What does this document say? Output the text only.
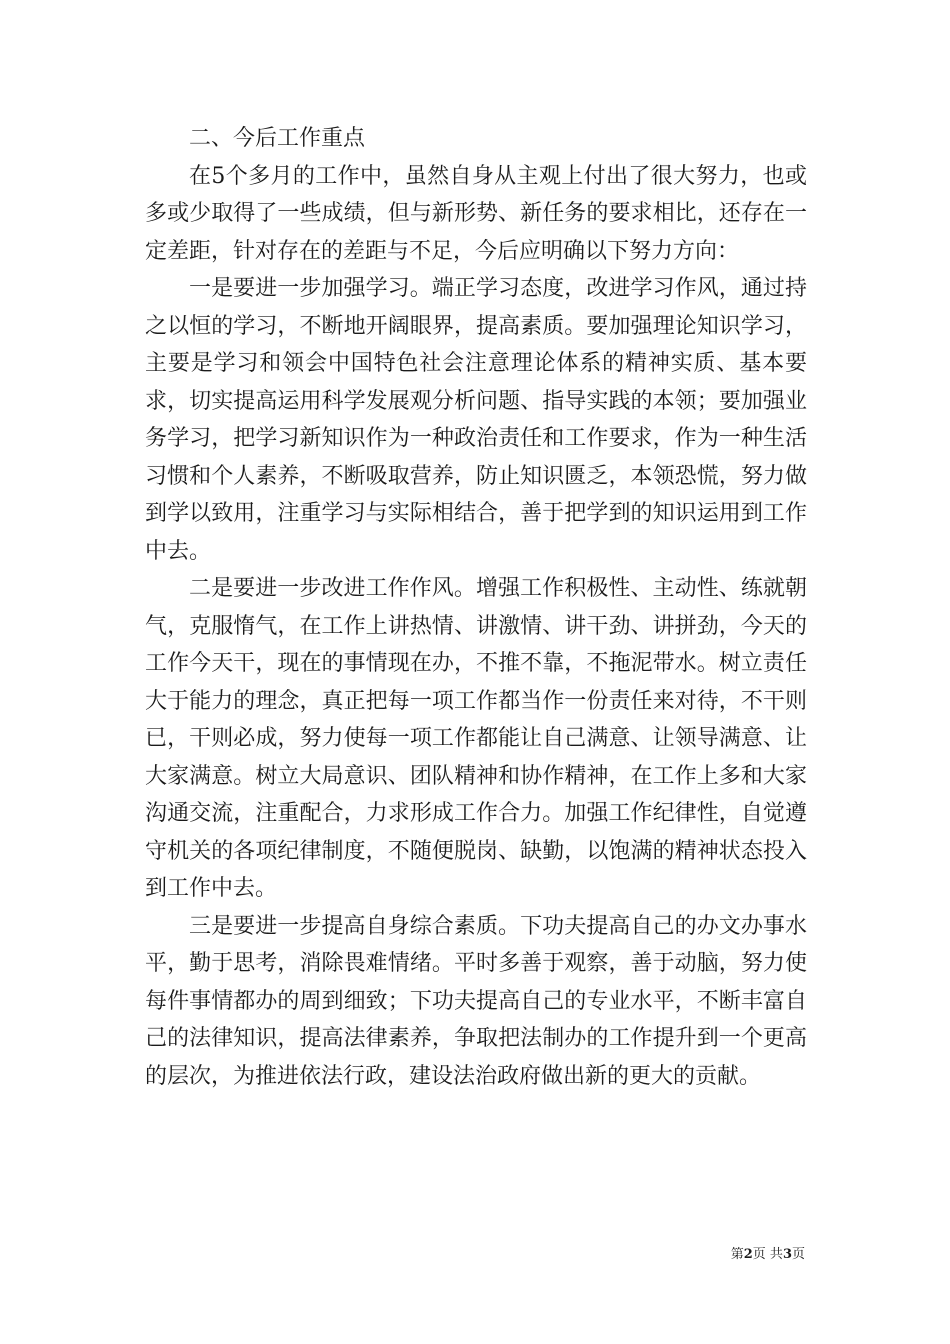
二、今后工作重点

在5个多月的工作中，虽然自身从主观上付出了很大努力，也或多或少取得了一些成绩，但与新形势、新任务的要求相比，还存在一定差距，针对存在的差距与不足，今后应明确以下努力方向：

一是要进一步加强学习。端正学习态度，改进学习作风，通过持之以恒的学习，不断地开阔眼界，提高素质。要加强理论知识学习，主要是学习和领会中国特色社会注意理论体系的精神实质、基本要求，切实提高运用科学发展观分析问题、指导实践的本领；要加强业务学习，把学习新知识作为一种政治责任和工作要求，作为一种生活习惯和个人素养，不断吸取营养，防止知识匮乏，本领恐慌，努力做到学以致用，注重学习与实际相结合，善于把学到的知识运用到工作中去。

二是要进一步改进工作作风。增强工作积极性、主动性、练就朝气，克服惰气，在工作上讲热情、讲激情、讲干劲、讲拼劲，今天的工作今天干，现在的事情现在办，不推不靠，不拖泥带水。树立责任大于能力的理念，真正把每一项工作都当作一份责任来对待，不干则已，干则必成，努力使每一项工作都能让自己满意、让领导满意、让大家满意。树立大局意识、团队精神和协作精神，在工作上多和大家沟通交流，注重配合，力求形成工作合力。加强工作纪律性，自觉遵守机关的各项纪律制度，不随便脱岗、缺勤，以饱满的精神状态投入到工作中去。

三是要进一步提高自身综合素质。下功夫提高自己的办文办事水平，勤于思考，消除畏难情绪。平时多善于观察，善于动脑，努力使每件事情都办的周到细致；下功夫提高自己的专业水平，不断丰富自己的法律知识，提高法律素养，争取把法制办的工作提升到一个更高的层次，为推进依法行政，建设法治政府做出新的更大的贡献。

第2页 共3页
